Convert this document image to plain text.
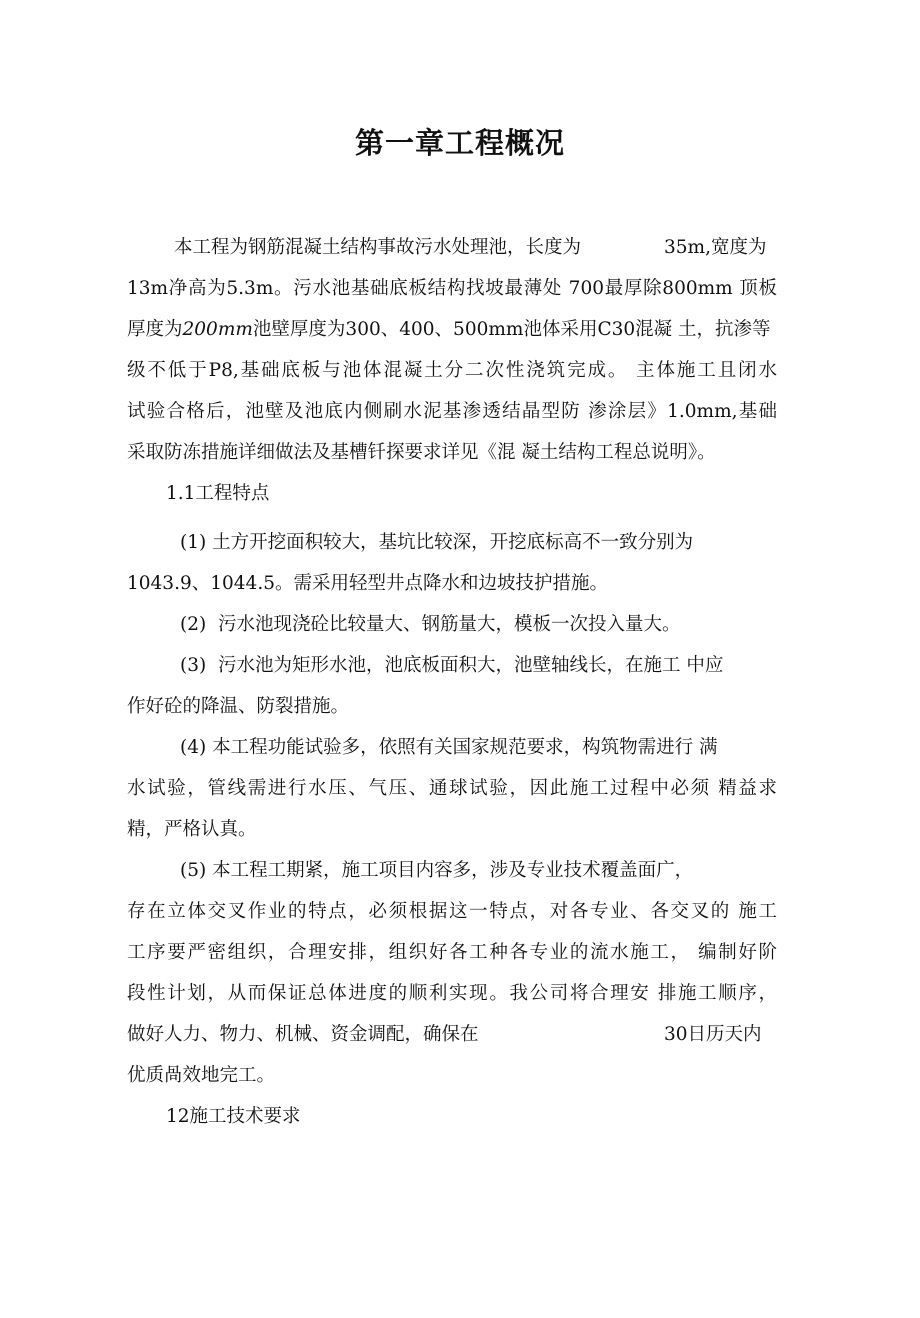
第一章工程概况
本工程为钢筋混凝土结构事故污水处理池，长度为	35m,宽度为
13m净高为5.3m。污水池基础底板结构找坡最薄处 700最厚除800mm 顶板
厚度为200mm池壁厚度为300、400、500mm池体采用C30混凝 土，抗渗等
级不低于P8,基础底板与池体混凝土分二次性浇筑完成。 主体施工且闭水
试验合格后，池壁及池底内侧刷水泥基渗透结晶型防 渗涂层》1.0mm,基础
采取防冻措施详细做法及基槽钎探要求详见《混 凝土结构工程总说明》。
1.1工程特点
(1) 土方开挖面积较大，基坑比较深，开挖底标高不一致分别为
1043.9、1044.5。需采用轻型井点降水和边坡技护措施。
(2)  污水池现浇砼比较量大、钢筋量大，模板一次投入量大。
(3)  污水池为矩形水池，池底板面积大，池壁轴线长，在施工 中应
作好砼的降温、防裂措施。
(4) 本工程功能试验多，依照有关国家规范要求，构筑物需进行 满
水试验，管线需进行水压、气压、通球试验，因此施工过程中必须 精益求
精，严格认真。
(5) 本工程工期紧，施工项目内容多，涉及专业技术覆盖面广，
存在立体交叉作业的特点，必须根据这一特点，对各专业、各交叉的 施工
工序要严密组织，合理安排，组织好各工种各专业的流水施工， 编制好阶
段性计划，从而保证总体进度的顺利实现。我公司将合理安 排施工顺序，
做好人力、物力、机械、资金调配，确保在	30日历天内
优质咼效地完工。
12施工技术要求
